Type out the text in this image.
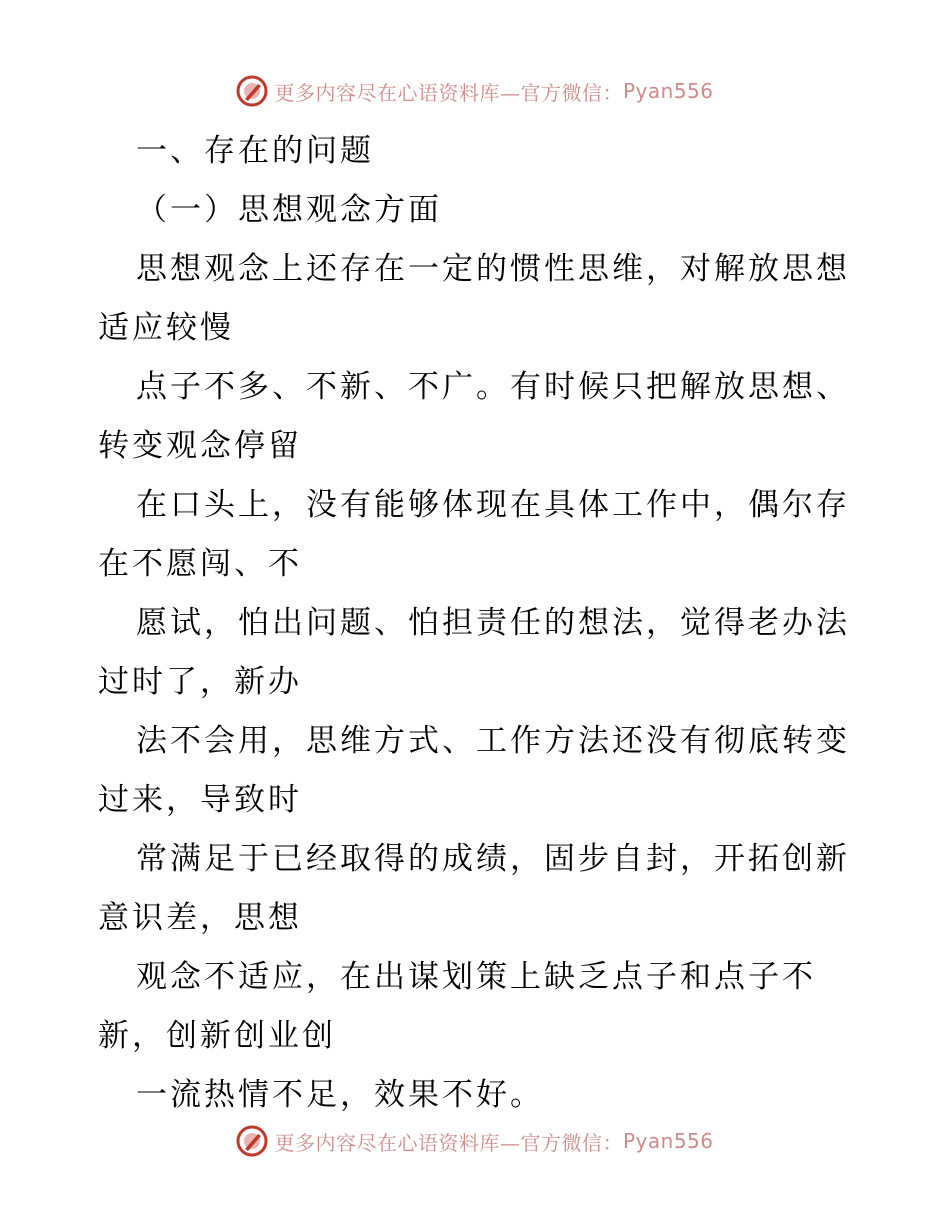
更多内容尽在心语资料库—官方微信： Pyan556
一、存在的问题
（一）思想观念方面
思想观念上还存在一定的惯性思维，对解放思想
适应较慢
点子不多、不新、不广。有时候只把解放思想、
转变观念停留
在口头上，没有能够体现在具体工作中，偶尔存
在不愿闯、不
愿试，怕出问题、怕担责任的想法，觉得老办法
过时了，新办
法不会用，思维方式、工作方法还没有彻底转变
过来，导致时
常满足于已经取得的成绩，固步自封，开拓创新
意识差，思想
观念不适应，在出谋划策上缺乏点子和点子不
新，创新创业创
一流热情不足，效果不好。
更多内容尽在心语资料库—官方微信： Pyan556
